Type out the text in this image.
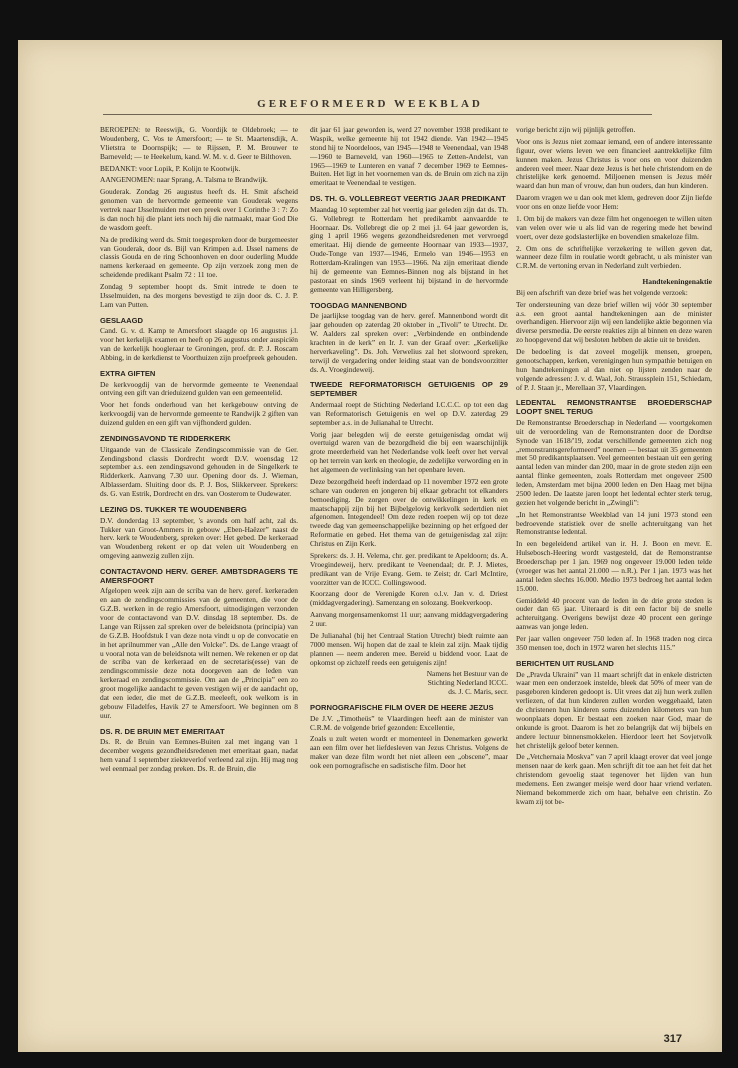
GEREFORMEERD WEEKBLAD

BEROEPEN: te Reeswijk, G. Voordijk te Oldebroek; — te Woudenberg, C. Vos te Amersfoort; — te St. Maartensdijk, A. Vlietstra te Doornspijk; — te Rijssen, P. M. Brouwer te Barneveld; — te Heekelum, kand. W. M. v. d. Geer te Bilthoven.

BEDANKT: voor Lopik, P. Kolijn te Kootwijk.

AANGENOMEN: naar Sprang, A. Talsma te Brandwijk.

Gouderak. Zondag 26 augustus heeft ds. H. Smit afscheid genomen van de hervormde gemeente van Gouderak wegens vertrek naar IJsselmuiden met een preek over 1 Corinthe 3 : 7: Zo is dan noch hij die plant iets noch hij die natmaakt, maar God Die de wasdom geeft.

Na de prediking werd ds. Smit toegesproken door de burgemeester van Gouderak, door ds. Bijl van Krimpen a.d. IJssel namens de classis Gouda en de ring Schoonhoven en door ouderling Mudde namens kerkeraad en gemeente. Op zijn verzoek zong men de scheidende predikant Psalm 72 : 11 toe.

Zondag 9 september hoopt ds. Smit intrede te doen te IJsselmuiden, na des morgens bevestigd te zijn door ds. C. J. P. Lam van Putten.

GESLAAGD

Cand. G. v. d. Kamp te Amersfoort slaagde op 16 augustus j.l. voor het kerkelijk examen en heeft op 26 augustus onder auspiciën van de kerkelijk hoogleraar te Groningen, prof. dr. P. J. Roscam Abbing, in de kerkdienst te Voorthuizen zijn proefpreek gehouden.

EXTRA GIFTEN

De kerkvoogdij van de hervormde gemeente te Veenendaal ontving een gift van drieduizend gulden van een gemeentelid.

Voor het fonds onderhoud van het kerkgebouw ontving de kerkvoogdij van de hervormde gemeente te Randwijk 2 giften van duizend gulden en een gift van vijfhonderd gulden.

ZENDINGSAVOND TE RIDDERKERK

Uitgaande van de Classicale Zendingscommissie van de Ger. Zendingsbond classis Dordrecht wordt D.V. woensdag 12 september a.s. een zendingsavond gehouden in de Singelkerk te Ridderkerk. Aanvang 7.30 uur. Opening door ds. J. Wieman, Alblasserdam. Sluiting door ds. P. J. Bos, Slikkerveer. Sprekers: ds. G. van Estrik, Dordrecht en drs. van Oosterom te Oudewater.

LEZING DS. TUKKER TE WOUDENBERG

D.V. donderdag 13 september, 's avonds om half acht, zal ds. Tukker van Groot-Ammers in gebouw „Eben-Haëzer” naast de herv. kerk te Woudenberg, spreken over: Het gebed. De kerkeraad van Woudenberg rekent er op dat velen uit Woudenberg en omgeving aanwezig zullen zijn.

CONTACTAVOND HERV. GEREF. AMBTSDRAGERS TE AMERSFOORT

Afgelopen week zijn aan de scriba van de herv. geref. kerkeraden en aan de zendingscommissies van de gemeenten, die voor de G.Z.B. werken in de regio Amersfoort, uitnodigingen verzonden voor de contactavond van D.V. dinsdag 18 september. Ds. de Lange van Rijssen zal spreken over de beleidsnota (principia) van de G.Z.B. Hoofdstuk I van deze nota vindt u op de convocatie en in het aprilnummer van „Alle den Volcke”. Ds. de Lange vraagt of u vooral nota van de beleidsnota wilt nemen. We rekenen er op dat de scriba van de kerkeraad en de secretaris(esse) van de zendingscommissie deze nota doorgeven aan de leden van kerkeraad en zendingscommissie. Om aan de „Principia” een zo groot mogelijke aandacht te geven vestigen wij er de aandacht op, dat een ieder, die met de G.Z.B. meeleeft, ook welkom is in gebouw Filadelfes, Havik 27 te Amersfoort. We beginnen om 8 uur.

DS. R. DE BRUIN MET EMERITAAT

Ds. R. de Bruin van Eemnes-Buiten zal met ingang van 1 december wegens gezondheidsredenen met emeritaat gaan, nadat hem vanaf 1 september ziekteverlof verleend zal zijn. Hij mag nog wel eenmaal per zondag preken. Ds. R. de Bruin, die

dit jaar 61 jaar geworden is, werd 27 november 1938 predikant te Waspik, welke gemeente hij tot 1942 diende. Van 1942—1945 stond hij te Noordeloos, van 1945—1948 te Veenendaal, van 1948—1960 te Barneveld, van 1960—1965 te Zetten-Andelst, van 1965—1969 te Lunteren en vanaf 7 december 1969 te Eemnes-Buiten. Het ligt in het voornemen van ds. de Bruin om zich na zijn emeritaat te Veenendaal te vestigen.

DS. TH. G. VOLLEBREGT VEERTIG JAAR PREDIKANT

Maandag 10 september zal het veertig jaar geleden zijn dat ds. Th. G. Vollebregt te Rotterdam het predikambt aanvaardde te Hoornaar. Ds. Vollebregt die op 2 mei j.l. 64 jaar geworden is, ging 1 april 1966 wegens gezondheidsredenen met vervroegd emeritaat. Hij diende de gemeente Hoornaar van 1933—1937, Oude-Tonge van 1937—1946, Ermelo van 1946—1953 en Rotterdam-Kralingen van 1953—1966. Na zijn emeritaat diende hij de gemeente van Eemnes-Binnen nog als bijstand in het pastoraat en sinds 1969 verleent hij bijstand in de hervormde gemeente van Hilligersberg.

TOOGDAG MANNENBOND

De jaarlijkse toogdag van de herv. geref. Mannenbond wordt dit jaar gehouden op zaterdag 20 oktober in „Tivoli” te Utrecht. Dr. W. Aalders zal spreken over: „Verbindende en ontbindende krachten in de kerk” en Ir. J. van der Graaf over: „Kerkelijke herverkaveling”. Ds. Joh. Verwelius zal het slotwoord spreken, terwijl de vergadering onder leiding staat van de bondsvoorzitter ds. A. Vroegindeweij.

TWEEDE REFORMATORISCH GETUIGENIS OP 29 SEPTEMBER

Andermaal roept de Stichting Nederland I.C.C.C. op tot een dag van Reformatorisch Getuigenis en wel op D.V. zaterdag 29 september a.s. in de Julianahal te Utrecht.

Vorig jaar belegden wij de eerste getuigenisdag omdat wij overtuigd waren van de bezorgdheid die bij een waarschijnlijk grote meerderheid van het Nederlandse volk leeft over het verval op het terrein van kerk en theologie, de zedelijke verwording en in het algemeen de verlinksing van het openbare leven.

Deze bezorgdheid heeft inderdaad op 11 november 1972 een grote schare van ouderen en jongeren bij elkaar gebracht tot elkanders bemoediging. De zorgen over de ontwikkelingen in kerk en maatschappij zijn bij het Bijbelgelovig kerkvolk sedertdien niet afgenomen. Integendeel! Om deze reden roepen wij op tot deze tweede dag van gemeenschappelijke bezinning op het erfgoed der Reformatie en gebed. Het thema van de getuigenisdag zal zijn: Christus en Zijn Kerk.

Sprekers: ds. J. H. Velema, chr. ger. predikant te Apeldoorn; ds. A. Vroegindeweij, herv. predikant te Veenendaal; dr. P. J. Mietes, predikant van de Vrije Evang. Gem. te Zeist; dr. Carl McIntire, voorzitter van de ICCC. Collingswood.

Koorzang door de Verenigde Koren o.l.v. Jan v. d. Driest (middagvergadering). Samenzang en solozang. Boekverkoop.

Aanvang morgensamenkomst 11 uur; aanvang middagvergadering 2 uur.

De Julianahal (bij het Centraal Station Utrecht) biedt ruimte aan 7000 mensen. Wij hopen dat de zaal te klein zal zijn. Maak tijdig plannen — neem anderen mee. Bereid u biddend voor. Laat de opkomst op zichzelf reeds een getuigenis zijn!

Namens het Bestuur van de

Stichting Nederland ICCC.

ds. J. C. Maris, secr.

PORNOGRAFISCHE FILM OVER DE HEERE JEZUS

De J.V. „Timotheüs” te Vlaardingen heeft aan de minister van C.R.M. de volgende brief gezonden: Excellentie,

Zoals u zult weten wordt er momenteel in Denemarken gewerkt aan een film over het liefdesleven van Jezus Christus. Volgens de maker van deze film wordt het niet alleen een „obscene”, maar ook een pornografische en sadistische film. Door het

vorige bericht zijn wij pijnlijk getroffen.

Voor ons is Jezus niet zomaar iemand, een of andere interessante figuur, over wiens leven we een financieel aantrekkelijke film kunnen maken. Jezus Christus is voor ons en voor duizenden anderen veel meer. Naar deze Jezus is het hele christendom en de christelijke kerk genoemd. Miljoenen mensen is Jezus méér waard dan hun man of vrouw, dan hun ouders, dan hun kinderen.

Daarom vragen we u dan ook met klem, gedreven door Zijn liefde voor ons en onze liefde voor Hem:

1. Om bij de makers van deze film het ongenoegen te willen uiten van velen over wie u als lid van de regering mede het bewind voert, over deze godslasterlijke en bovendien smakeloze film.

2. Om ons de schriftelijke verzekering te willen geven dat, wanneer deze film in roulatie wordt gebracht, u als minister van C.R.M. de vertoning ervan in Nederland zult verbieden.

Handtekeningenaktie

Bij een afschrift van deze brief was het volgende verzoek:

Ter ondersteuning van deze brief willen wij vóór 30 september a.s. een groot aantal handtekeningen aan de minister overhandigen. Hiervoor zijn wij een landelijke aktie begonnen via diverse persmedia. De eerste reakties zijn al binnen en deze waren zo hoopgevend dat wij besloten hebben de aktie uit te breiden.

De bedoeling is dat zoveel mogelijk mensen, groepen, genootschappen, kerken, verenigingen hun sympathie betuigen en hun handtekeningen al dan niet op lijsten zenden naar de volgende adressen: J. v. d. Waal, Joh. Straussplein 151, Schiedam, of P. J. Staan jr., Merellaan 37, Vlaardingen.

LEDENTAL REMONSTRANTSE BROEDERSCHAP LOOPT SNEL TERUG

De Remonstrantse Broederschap in Nederland — voortgekomen uit de veroordeling van de Remonstranten door de Dordtse Synode van 1618/'19, zodat verschillende gemeenten zich nog „remonstrantsgereformeerd” noemen — bestaat uit 35 gemeenten met 50 predikantsplaatsen. Veel gemeenten bestaan uit een gering aantal leden van minder dan 200, maar in de grote steden zijn een aantal flinke gemeenten, zoals Rotterdam met ongeveer 2500 leden, Amsterdam met bijna 2000 leden en Den Haag met bijna 2500 leden. De laatste jaren loopt het ledental echter sterk terug, gezien het volgende bericht in „Zwingli”:

„In het Remonstrantse Weekblad van 14 juni 1973 stond een bedroevende statistiek over de snelle achteruitgang van het Remonstrantse ledental.

In een begeleidend artikel van ir. H. J. Boon en mevr. E. Hulsebosch-Heering wordt vastgesteld, dat de Remonstrantse Broederschap per 1 jan. 1969 nog ongeveer 19.000 leden telde (vroeger was het aantal 21.000 — n.R.). Per 1 jan. 1973 was het aantal leden slechts 16.000. Medio 1973 bedroeg het aantal leden 15.000.

Gemiddeld 40 procent van de leden in de drie grote steden is ouder dan 65 jaar. Uiteraard is dit een factor bij de snelle achteruitgang. Overigens bewijst deze 40 procent een geringe aanwas van jonge leden.

Per jaar vallen ongeveer 750 leden af. In 1968 traden nog circa 350 mensen toe, doch in 1972 waren het slechts 115.”

BERICHTEN UIT RUSLAND

De „Pravda Ukraini” van 11 maart schrijft dat in enkele districten waar men een onderzoek instelde, bleek dat 50% of meer van de pasgeboren kinderen gedoopt is. Uit vrees dat zij hun werk zullen verliezen, of dat hun kinderen zullen worden weggehaald, laten de christenen hun kinderen soms duizenden kilometers van hun woonplaats dopen. Er bestaat een zoeken naar God, maar de onkunde is groot. Daarom is het zo belangrijk dat wij bijbels en andere lectuur binnensmokkelen. Hierdoor leert het Sovjetvolk het christelijk geloof beter kennen.

De „Vetchernaia Moskva” van 7 april klaagt erover dat veel jonge mensen naar de kerk gaan. Men schrijft dit toe aan het feit dat het christendom gevoelig staat tegenover het lijden van hun medemens. Een zwanger meisje werd door haar vriend verlaten. Niemand bekommerde zich om haar, behalve een christin. Zo kwam zij tot be-

317
